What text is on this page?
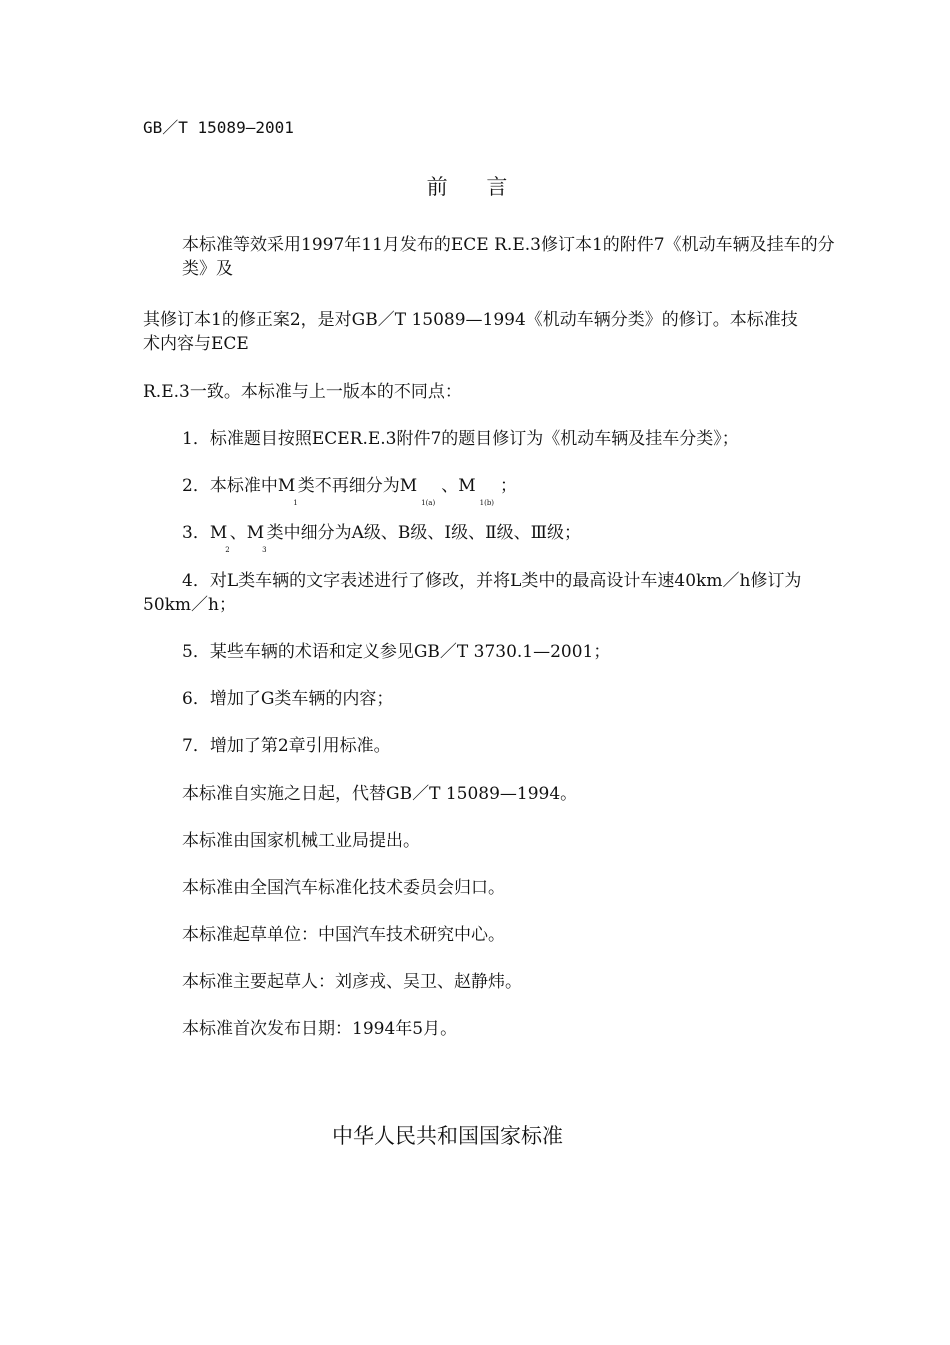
GB／T 15089—2001
前 言
本标准等效采用1997年11月发布的ECE R.E.3修订本1的附件7《机动车辆及挂车的分类》及
其修订本1的修正案2，是对GB／T 15089—1994《机动车辆分类》的修订。本标准技术内容与ECE
R.E.3一致。本标准与上一版本的不同点：
1．标准题目按照ECER.E.3附件7的题目修订为《机动车辆及挂车分类》；
2．本标准中$M_1$类不再细分为$M_{1(a)}$、$M_{1(b)}$；
3．$M_2$、$M_3$类中细分为A级、B级、Ⅰ级、Ⅱ级、Ⅲ级；
4．对L类车辆的文字表述进行了修改，并将L类中的最高设计车速40km／h修订为50km／h；
5．某些车辆的术语和定义参见GB／T 3730.1—2001；
6．增加了G类车辆的内容；
7．增加了第2章引用标准。
本标准自实施之日起，代替GB／T 15089—1994。
本标准由国家机械工业局提出。
本标准由全国汽车标准化技术委员会归口。
本标准起草单位：中国汽车技术研究中心。
本标准主要起草人：刘彦戎、吴卫、赵静炜。
本标准首次发布日期：1994年5月。
中华人民共和国国家标准
